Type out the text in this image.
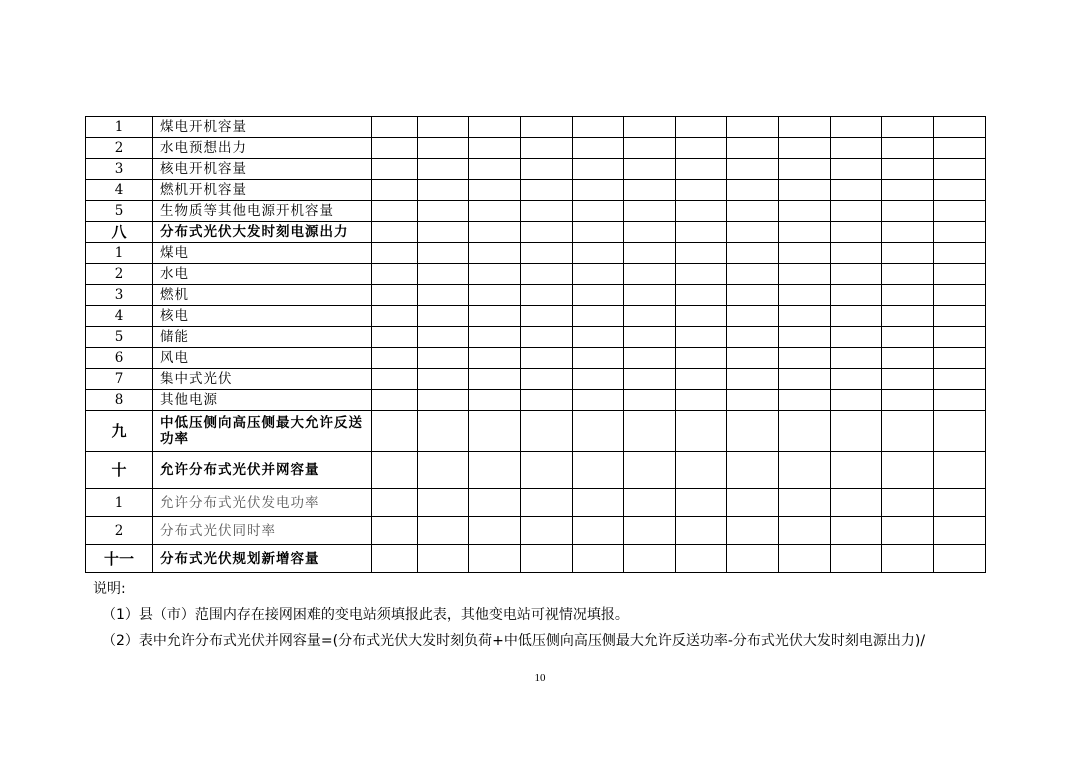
1	煤电开机容量												
2	水电预想出力												
3	核电开机容量												
4	燃机开机容量												
5	生物质等其他电源开机容量												
八	分布式光伏大发时刻电源出力												
1	煤电												
2	水电												
3	燃机												
4	核电												
5	储能												
6	风电												
7	集中式光伏												
8	其他电源												
九	中低压侧向高压侧最大允许反送功率												
十	允许分布式光伏并网容量												
1	允许分布式光伏发电功率												
2	分布式光伏同时率												
十一	分布式光伏规划新增容量												
说明:
（1）县（市）范围内存在接网困难的变电站须填报此表，其他变电站可视情况填报。
（2）表中允许分布式光伏并网容量=(分布式光伏大发时刻负荷+中低压侧向高压侧最大允许反送功率-分布式光伏大发时刻电源出力)/
10
